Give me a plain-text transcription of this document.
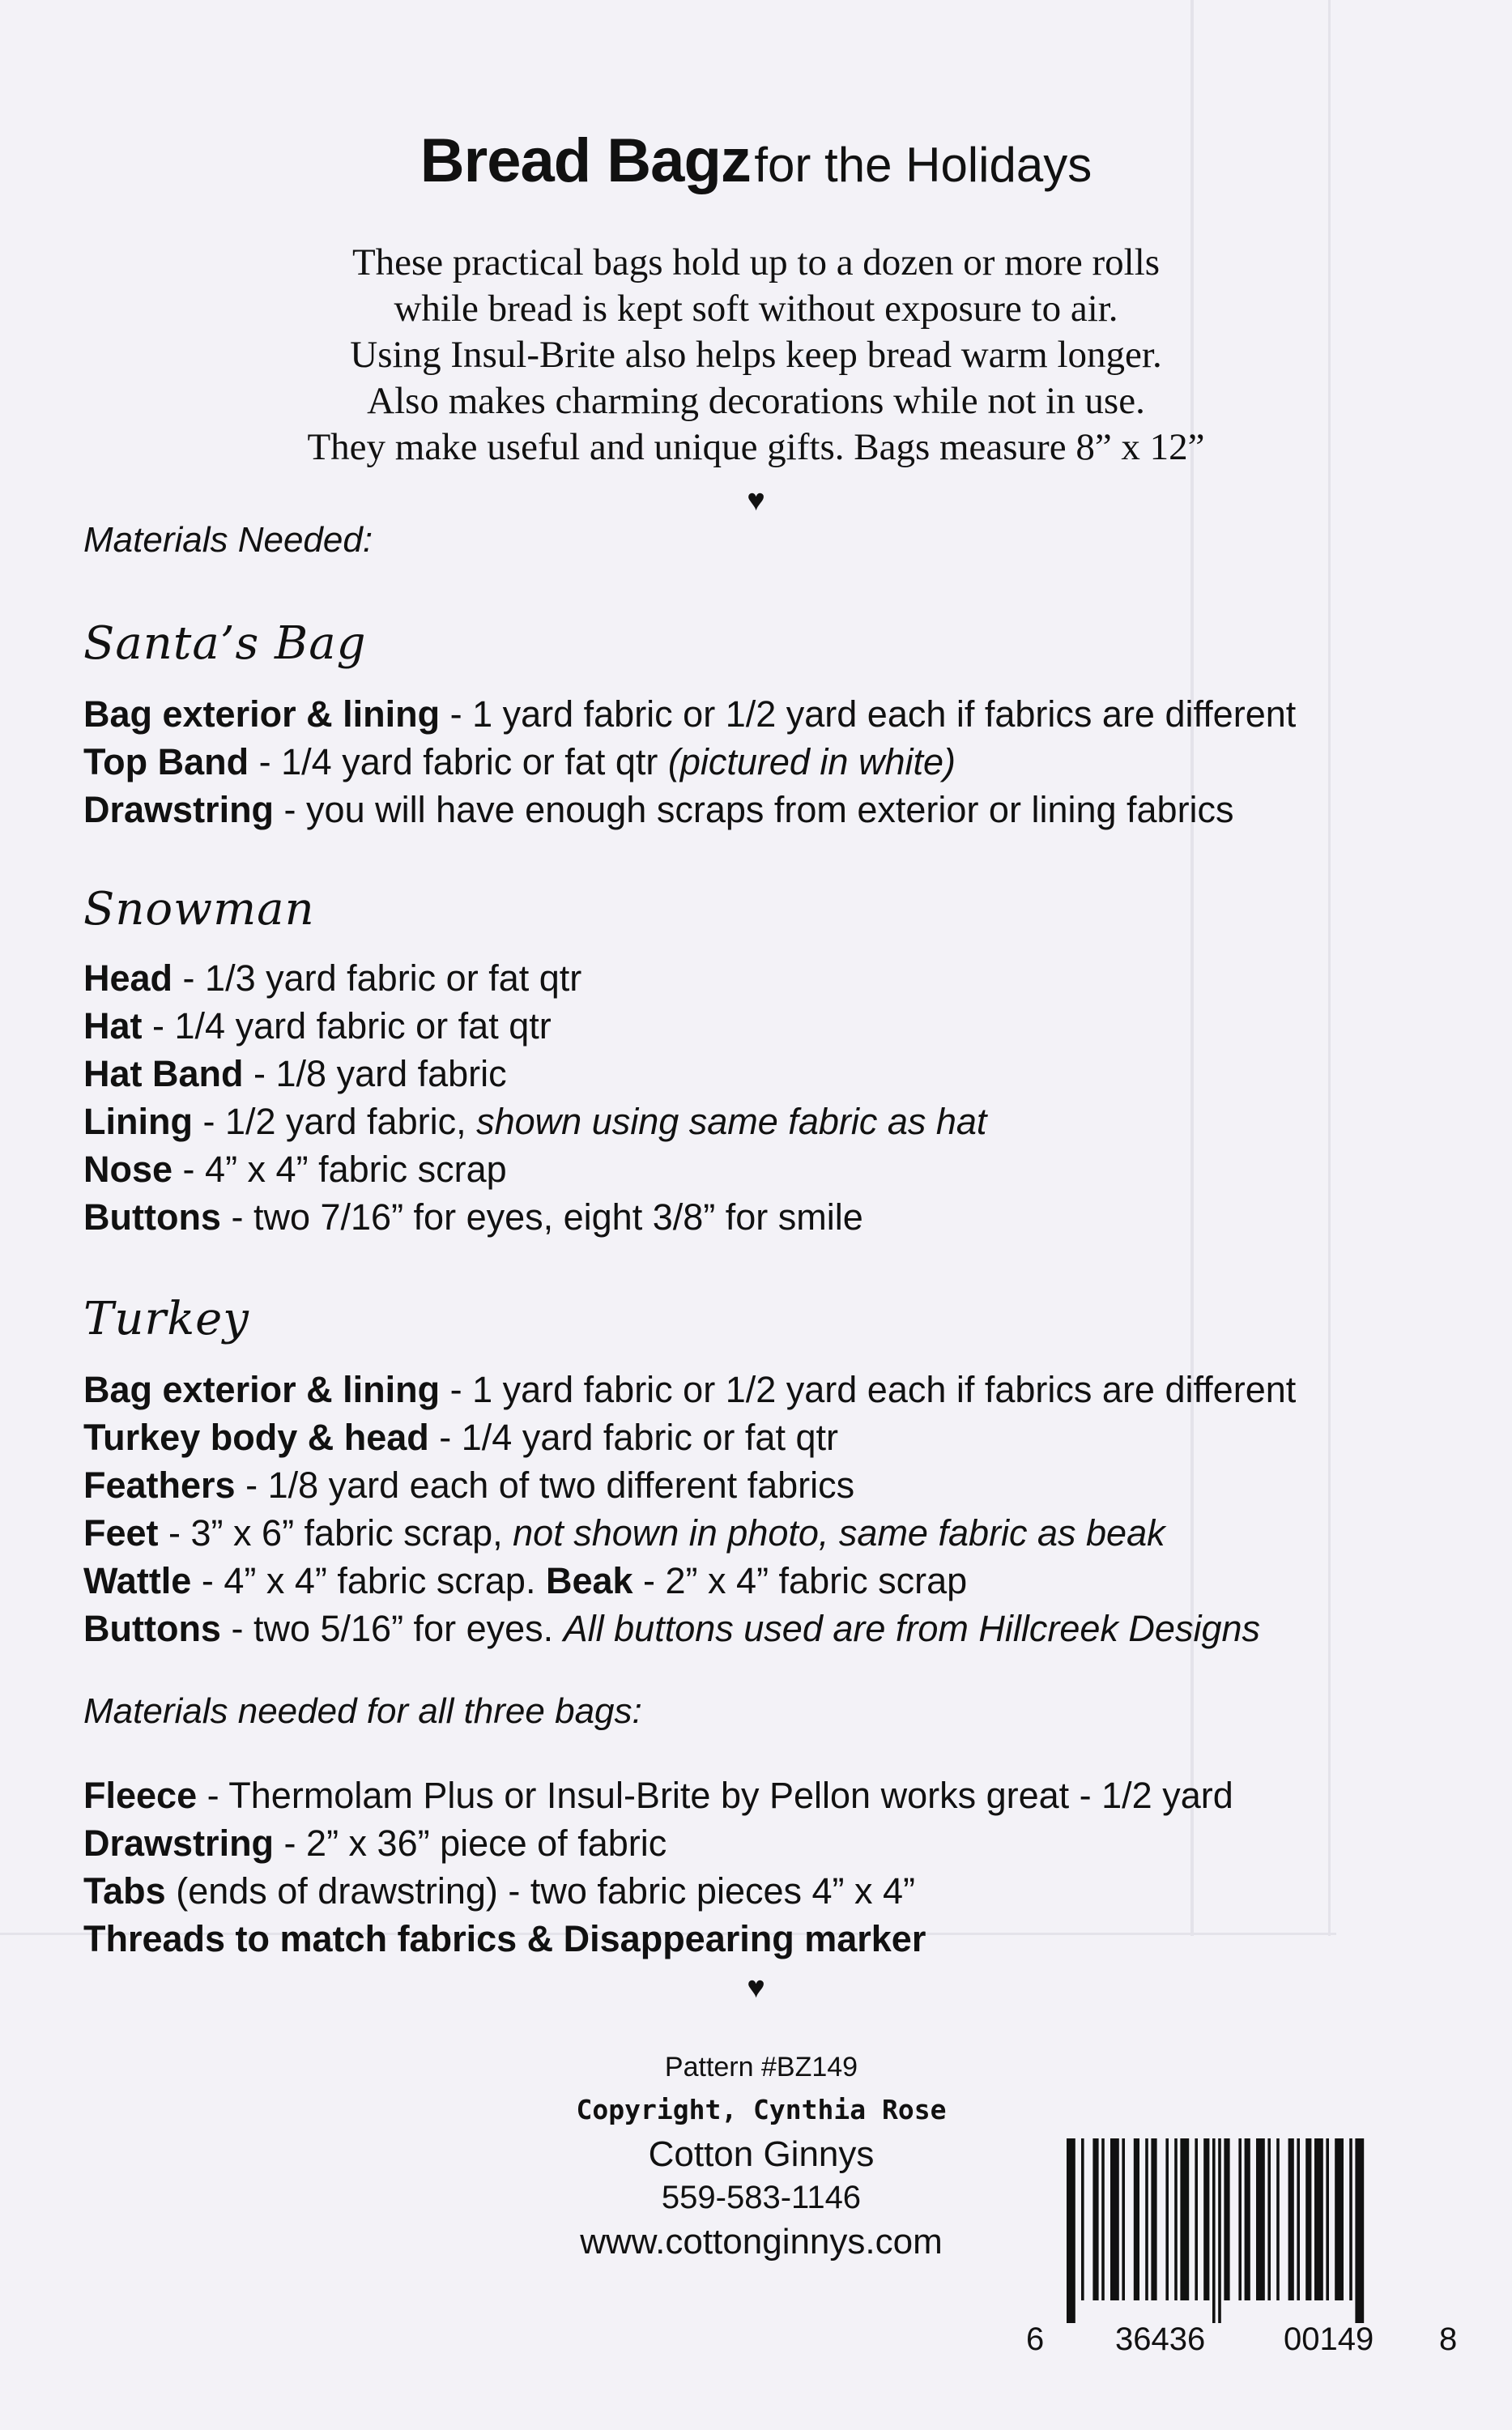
Bread Bagz for the Holidays
These practical bags hold up to a dozen or more rolls
while bread is kept soft without exposure to air.
Using Insul-Brite also helps keep bread warm longer.
Also makes charming decorations while not in use.
They make useful and unique gifts. Bags measure 8” x 12”
♥
Materials Needed:
Santa’s Bag
Bag exterior & lining - 1 yard fabric or 1/2 yard each if fabrics are different
Top Band - 1/4 yard fabric or fat qtr (pictured in white)
Drawstring - you will have enough scraps from exterior or lining fabrics
Snowman
Head - 1/3 yard fabric or fat qtr
Hat - 1/4 yard fabric or fat qtr
Hat Band - 1/8 yard fabric
Lining - 1/2 yard fabric, shown using same fabric as hat
Nose - 4” x 4” fabric scrap
Buttons - two 7/16” for eyes, eight 3/8” for smile
Turkey
Bag exterior & lining - 1 yard fabric or 1/2 yard each if fabrics are different
Turkey body & head - 1/4 yard fabric or fat qtr
Feathers - 1/8 yard each of two different fabrics
Feet - 3” x 6” fabric scrap, not shown in photo, same fabric as beak
Wattle - 4” x 4” fabric scrap. Beak - 2” x 4” fabric scrap
Buttons - two 5/16” for eyes. All buttons used are from Hillcreek Designs
Materials needed for all three bags:
Fleece - Thermolam Plus or Insul-Brite by Pellon works great - 1/2 yard
Drawstring - 2” x 36” piece of fabric
Tabs (ends of drawstring) - two fabric pieces 4” x 4”
Threads to match fabrics & Disappearing marker
♥
Pattern #BZ149
Copyright, Cynthia Rose
Cotton Ginnys
559-583-1146
www.cottonginnys.com
6 36436 00149 8
